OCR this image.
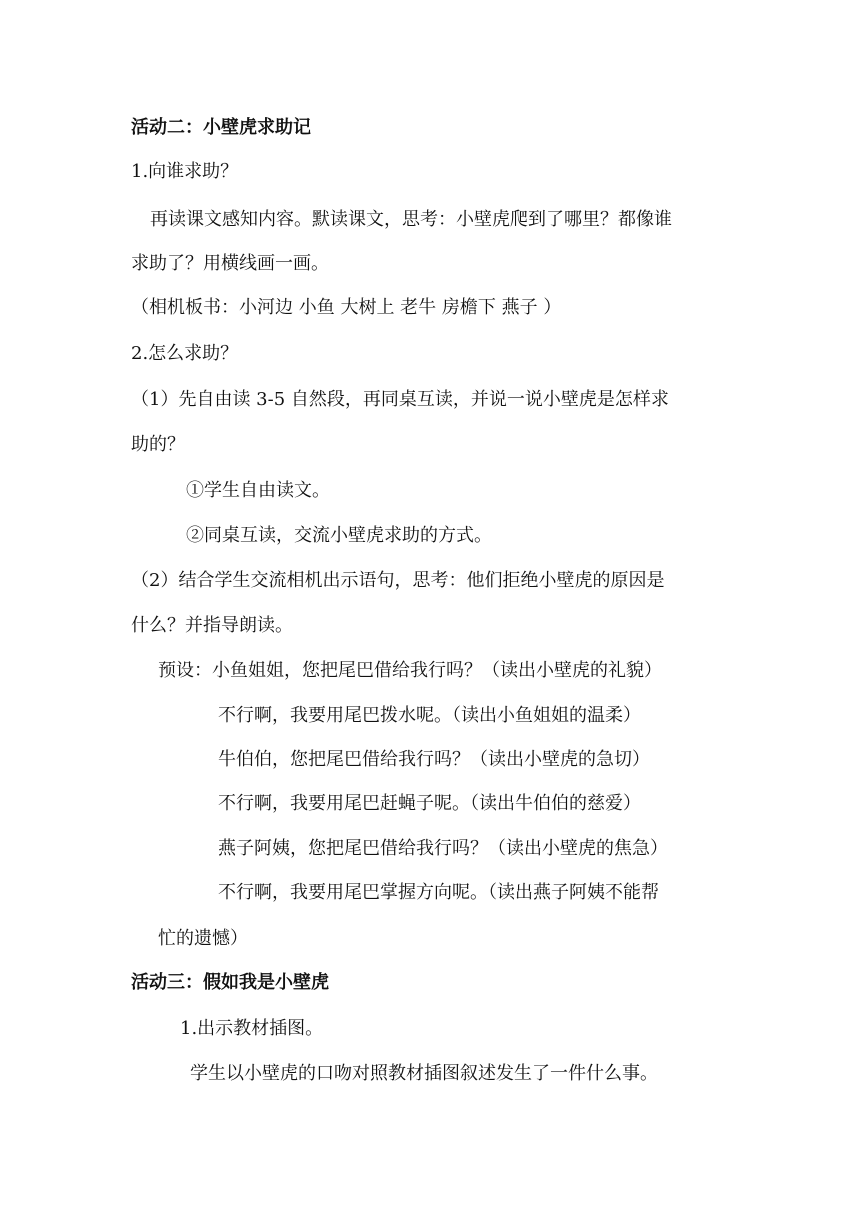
活动二：小壁虎求助记
1.向谁求助？
再读课文感知内容。默读课文，思考：小壁虎爬到了哪里？都像谁
求助了？用横线画一画。
（相机板书：小河边 小鱼 大树上 老牛 房檐下 燕子 ）
2.怎么求助？
（1）先自由读 3-5 自然段，再同桌互读，并说一说小壁虎是怎样求
助的？
①学生自由读文。
②同桌互读，交流小壁虎求助的方式。
（2）结合学生交流相机出示语句，思考：他们拒绝小壁虎的原因是
什么？并指导朗读。
预设：小鱼姐姐，您把尾巴借给我行吗？（读出小壁虎的礼貌）
不行啊，我要用尾巴拨水呢。（读出小鱼姐姐的温柔）
牛伯伯，您把尾巴借给我行吗？（读出小壁虎的急切）
不行啊，我要用尾巴赶蝇子呢。（读出牛伯伯的慈爱）
燕子阿姨，您把尾巴借给我行吗？（读出小壁虎的焦急）
不行啊，我要用尾巴掌握方向呢。（读出燕子阿姨不能帮
忙的遗憾）
活动三：假如我是小壁虎
1.出示教材插图。
学生以小壁虎的口吻对照教材插图叙述发生了一件什么事。
